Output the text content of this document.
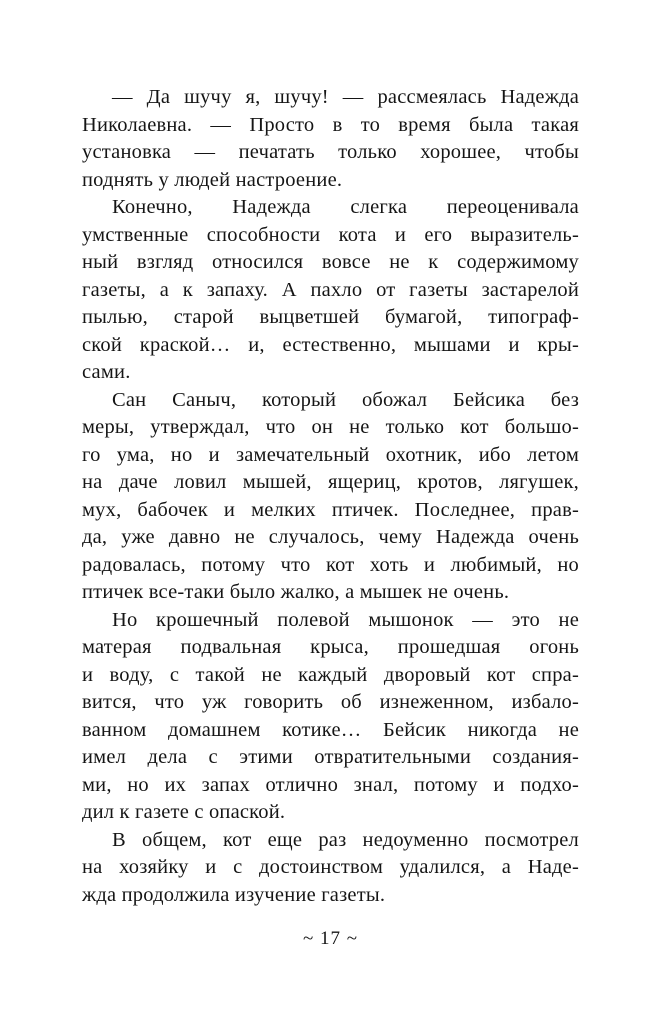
— Да шучу я, шучу! — рассмеялась Надежда
Николаевна. — Просто в то время была такая
установка — печатать только хорошее, чтобы
поднять у людей настроение.
Конечно, Надежда слегка переоценивала
умственные способности кота и его выразитель-
ный взгляд относился вовсе не к содержимому
газеты, а к запаху. А пахло от газеты застарелой
пылью, старой выцветшей бумагой, типограф-
ской краской… и, естественно, мышами и кры-
сами.
Сан Саныч, который обожал Бейсика без
меры, утверждал, что он не только кот большо-
го ума, но и замечательный охотник, ибо летом
на даче ловил мышей, ящериц, кротов, лягушек,
мух, бабочек и мелких птичек. Последнее, прав-
да, уже давно не случалось, чему Надежда очень
радовалась, потому что кот хоть и любимый, но
птичек все-таки было жалко, а мышек не очень.
Но крошечный полевой мышонок — это не
матерая подвальная крыса, прошедшая огонь
и воду, с такой не каждый дворовый кот спра-
вится, что уж говорить об изнеженном, избало-
ванном домашнем котике… Бейсик никогда не
имел дела с этими отвратительными создания-
ми, но их запах отлично знал, потому и подхо-
дил к газете с опаской.
В общем, кот еще раз недоуменно посмотрел
на хозяйку и с достоинством удалился, а Наде-
жда продолжила изучение газеты.
~ 17 ~
